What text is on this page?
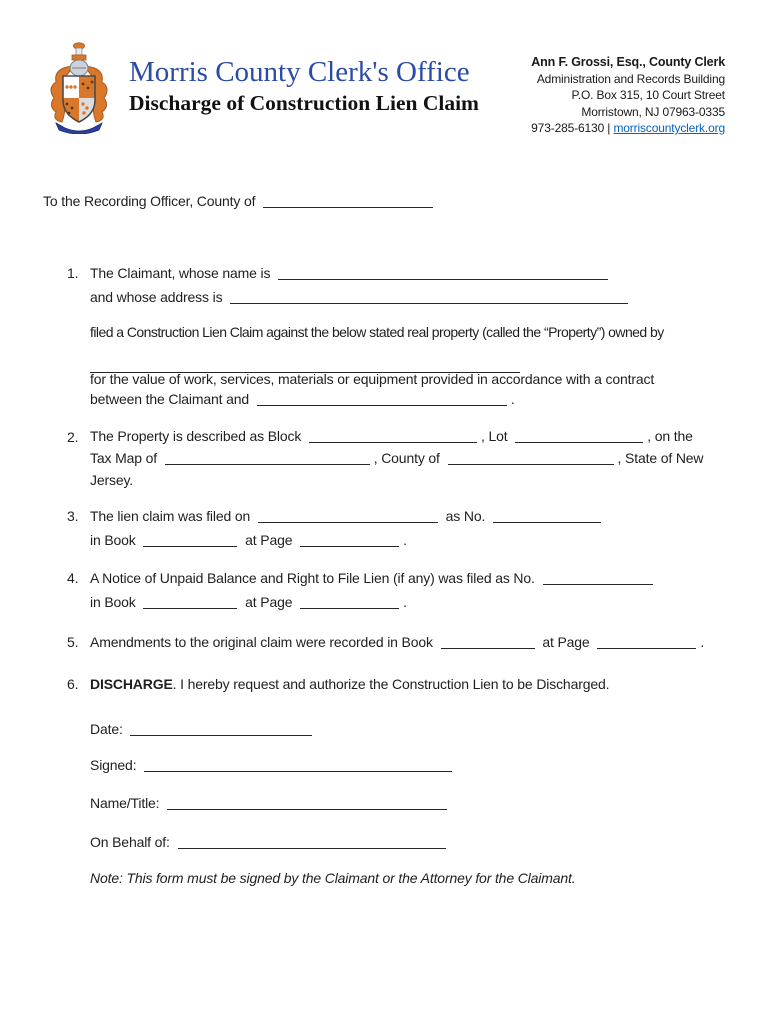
Morris County Clerk's Office
Discharge of Construction Lien Claim
Ann F. Grossi, Esq., County Clerk
Administration and Records Building
P.O. Box 315, 10 Court Street
Morristown, NJ 07963-0335
973-285-6130 | morriscountyclerk.org
To the Recording Officer, County of
1. The Claimant, whose name is
and whose address is
filed a Construction Lien Claim against the below stated real property (called the “Property”) owned by
for the value of work, services, materials or equipment provided in accordance with a contract
between the Claimant and	.
2. The Property is described as Block	, Lot	, on the
Tax Map of	, County of	, State of New
Jersey.
3. The lien claim was filed on	as No.
in Book	at Page	.
4. A Notice of Unpaid Balance and Right to File Lien (if any) was filed as No.
in Book	at Page	.
5. Amendments to the original claim were recorded in Book	at Page	.
6. DISCHARGE. I hereby request and authorize the Construction Lien to be Discharged.
Date:
Signed:
Name/Title:
On Behalf of:
Note: This form must be signed by the Claimant or the Attorney for the Claimant.
